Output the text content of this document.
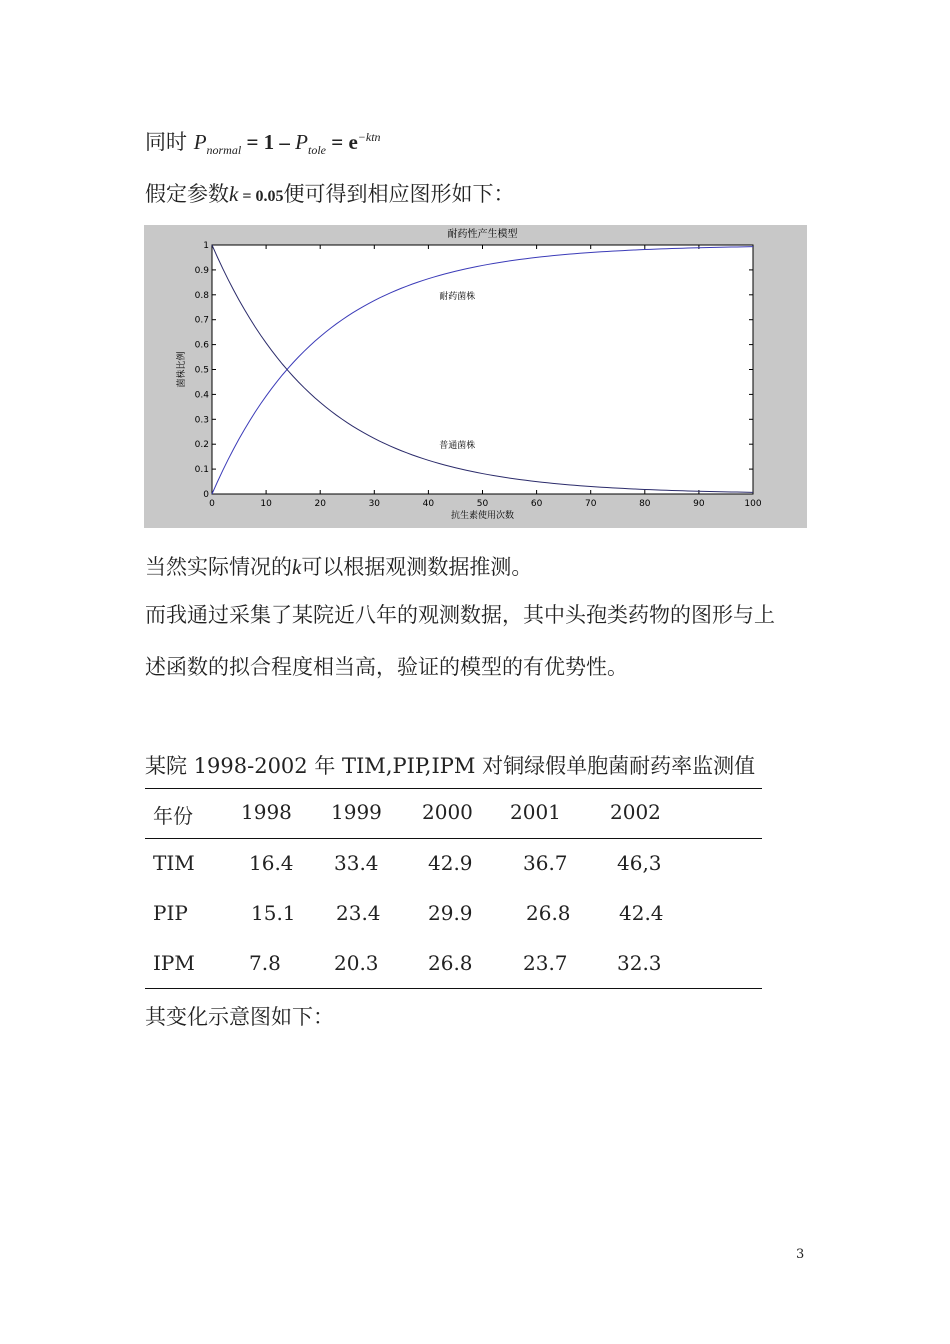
同时 $P_{normal} = 1 - P_{tole} = e^{-ktn}$
假定参数k = 0.05便可得到相应图形如下：
耐药性产生模型
0	10	20	30	40	50	60	70	80	90	100
0
0.1
0.2
0.3
0.4
0.5
0.6
0.7
0.8
0.9
1
抗生素使用次数
菌株比例
耐药菌株
普通菌株
当然实际情况的k可以根据观测数据推测。
而我通过采集了某院近八年的观测数据，其中头孢类药物的图形与上
述函数的拟合程度相当高，验证的模型的有优势性。
某院 1998-2002 年 TIM,PIP,IPM 对铜绿假单胞菌耐药率监测值
年份 1998 1999 2000 2001 2002
TIM	16.4 33.4 42.9	36.7 46,3
PIP	15.1 23.4 29.9	26.8 42.4
IPM	7.8	20.3 26.8	23.7 32.3
其变化示意图如下：
3
